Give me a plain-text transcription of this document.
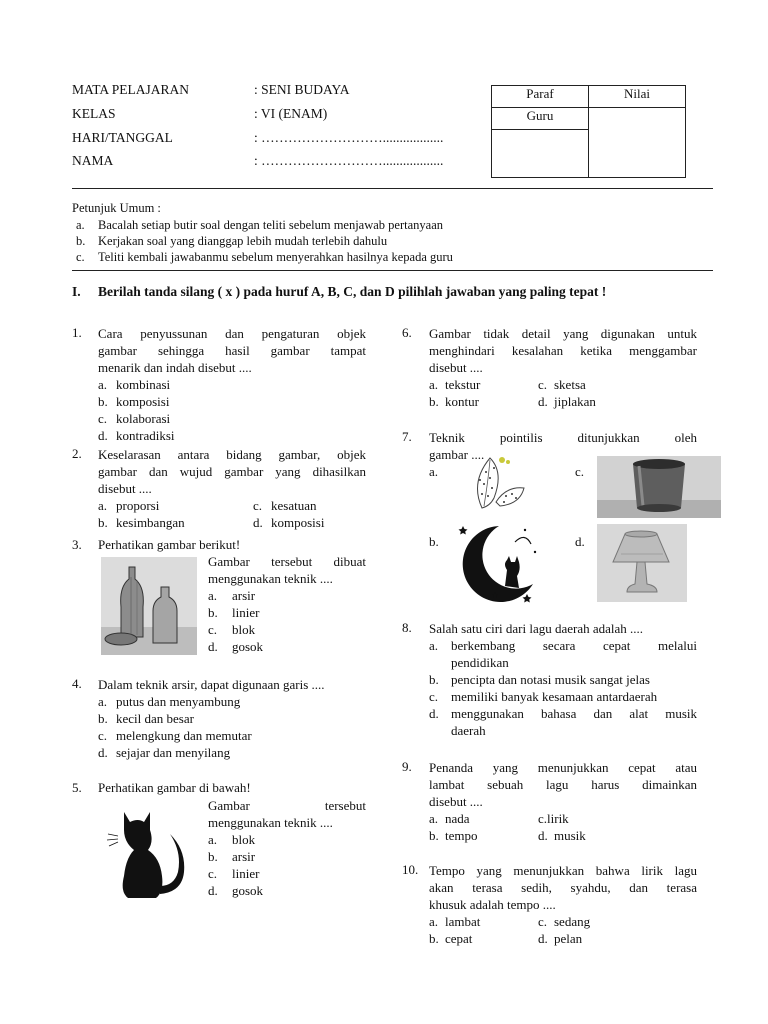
MATA PELAJARAN	: SENI BUDAYA
KELAS	: VI (ENAM)
HARI/TANGGAL	: ………………………..................
NAMA	: ………………………..................
Paraf	Nilai
Guru	

Petunjuk Umum :
a.	Bacalah setiap butir soal dengan teliti sebelum menjawab pertanyaan
b.	Kerjakan soal yang dianggap lebih mudah terlebih dahulu
c.	Teliti kembali jawabanmu sebelum menyerahkan hasilnya kepada guru
I. Berilah tanda silang ( x ) pada huruf A, B, C, dan D pilihlah jawaban yang paling tepat !
1.	Cara penyussunan dan pengaturan objek
gambar sehingga hasil gambar tampat
menarik dan indah disebut ....
a. kombinasi
b. komposisi
c. kolaborasi
d. kontradiksi
2.	Keselarasan antara bidang gambar, objek
gambar dan wujud gambar yang dihasilkan
disebut ....
a. proporsi	c. kesatuan
b. kesimbangan	d. komposisi
3.	Perhatikan gambar berikut!
Gambar tersebut dibuat
menggunakan teknik ....
a.	arsir
b.	linier
c.	blok
d.	gosok
4.	Dalam teknik arsir, dapat digunaan garis ....
a. putus dan menyambung
b. kecil dan besar
c. melengkung dan memutar
d. sejajar dan menyilang
5.	Perhatikan gambar di bawah!
Gambar tersebut
menggunakan teknik ....
a.	blok
b.	arsir
c.	linier
d.	gosok
6.	Gambar tidak detail yang digunakan untuk
menghindari kesalahan ketika menggambar
disebut ....
a. tekstur	c. sketsa
b. kontur	d. jiplakan
7.	Teknik pointilis ditunjukkan oleh
gambar ....
a.	c.
b.	d.
8.	Salah satu ciri dari lagu daerah adalah ....
a. berkembang secara cepat melalui
pendidikan
b. pencipta dan notasi musik sangat jelas
c. memiliki banyak kesamaan antardaerah
d. menggunakan bahasa dan alat musik
daerah
9.	Penanda yang menunjukkan cepat atau
lambat sebuah lagu harus dimainkan
disebut ....
a. nada	c.lirik
b. tempo	d. musik
10. Tempo yang menunjukkan bahwa lirik lagu
akan terasa sedih, syahdu, dan terasa
khusuk adalah tempo ....
a. lambat	c. sedang
b. cepat	d. pelan
